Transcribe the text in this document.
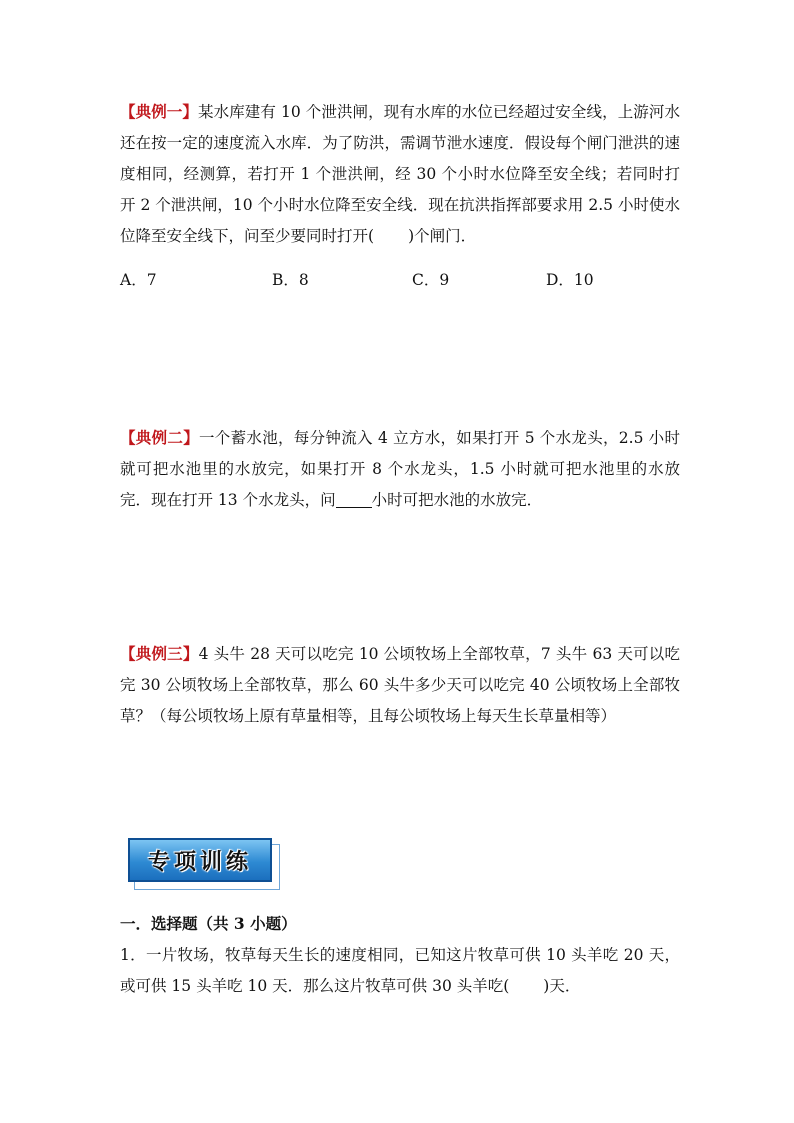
【典例一】某水库建有 10 个泄洪闸，现有水库的水位已经超过安全线，上游河水还在按一定的速度流入水库．为了防洪，需调节泄水速度．假设每个闸门泄洪的速度相同，经测算，若打开 1 个泄洪闸，经 30 个小时水位降至安全线；若同时打开 2 个泄洪闸，10 个小时水位降至安全线．现在抗洪指挥部要求用 2.5 小时使水位降至安全线下，问至少要同时打开( )个闸门．

A．7	B．8	C．9	D．10

【典例二】一个蓄水池，每分钟流入 4 立方水，如果打开 5 个水龙头，2.5 小时就可把水池里的水放完，如果打开 8 个水龙头，1.5 小时就可把水池里的水放完．现在打开 13 个水龙头，问 小时可把水池的水放完．

【典例三】4 头牛 28 天可以吃完 10 公顷牧场上全部牧草，7 头牛 63 天可以吃完 30 公顷牧场上全部牧草，那么 60 头牛多少天可以吃完 40 公顷牧场上全部牧草？（每公顷牧场上原有草量相等，且每公顷牧场上每天生长草量相等）

专项训练

一．选择题（共 3 小题）

1．一片牧场，牧草每天生长的速度相同，已知这片牧草可供 10 头羊吃 20 天，或可供 15 头羊吃 10 天．那么这片牧草可供 30 头羊吃( )天．
